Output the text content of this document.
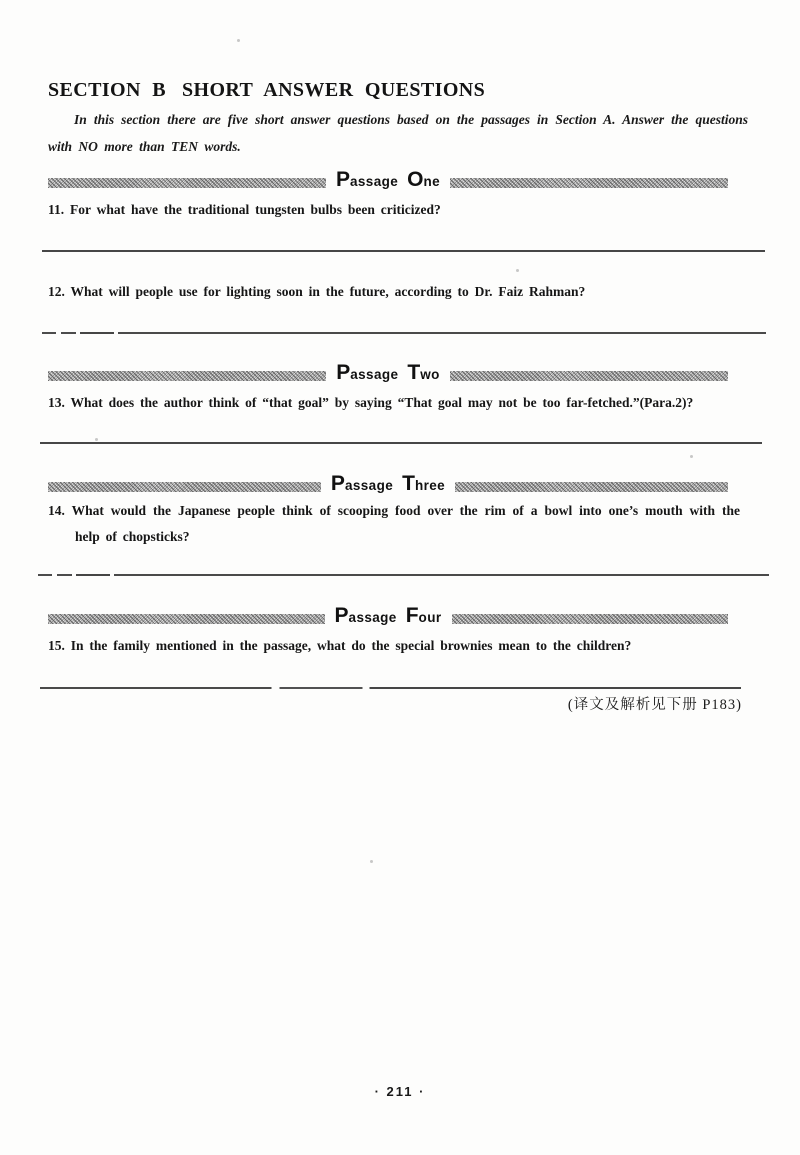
SECTION B SHORT ANSWER QUESTIONS

In this section there are five short answer questions based on the passages in Section A. Answer the questions with NO more than TEN words.

Passage One

11. For what have the traditional tungsten bulbs been criticized?

12. What will people use for lighting soon in the future, according to Dr. Faiz Rahman?

Passage Two

13. What does the author think of “that goal” by saying “That goal may not be too far-fetched.”(Para.2)?

Passage Three

14. What would the Japanese people think of scooping food over the rim of a bowl into one’s mouth with the help of chopsticks?

Passage Four

15. In the family mentioned in the passage, what do the special brownies mean to the children?

(译文及解析见下册 P183)

· 211 ·
